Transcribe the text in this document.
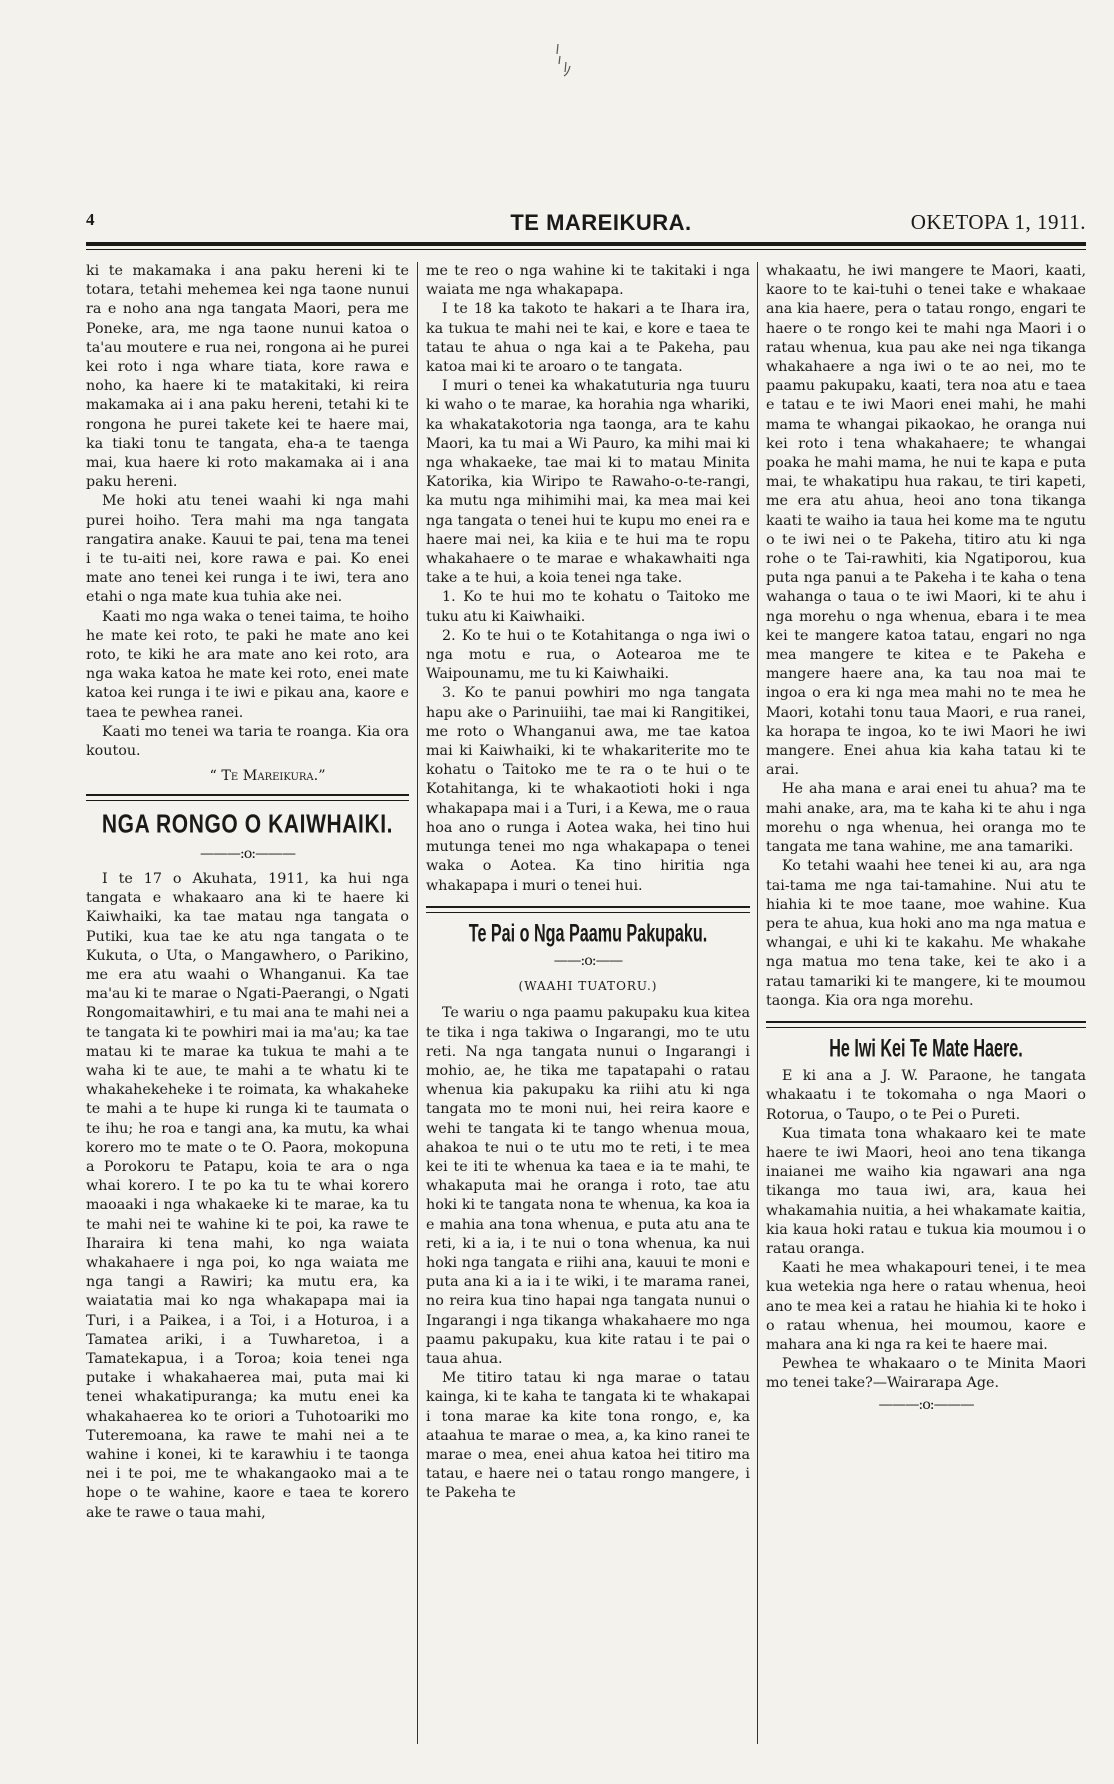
4	TE MAREIKURA.	OKETOPA 1, 1911.

ki te makamaka i ana paku hereni ki te totara, tetahi mehemea kei nga taone nunui ra e noho ana nga tangata Maori, pera me Poneke, ara, me nga taone nunui katoa o ta'au moutere e rua nei, rongona ai he purei kei roto i nga whare tiata, kore rawa e noho, ka haere ki te matakitaki, ki reira makamaka ai i ana paku hereni, tetahi ki te rongona he purei takete kei te haere mai, ka tiaki tonu te tangata, eha-a te taenga mai, kua haere ki roto makamaka ai i ana paku hereni.

Me hoki atu tenei waahi ki nga mahi purei hoiho. Tera mahi ma nga tangata rangatira anake. Kauui te pai, tena ma tenei i te tu-aiti nei, kore rawa e pai. Ko enei mate ano tenei kei runga i te iwi, tera ano etahi o nga mate kua tuhia ake nei.

Kaati mo nga waka o tenei taima, te hoiho he mate kei roto, te paki he mate ano kei roto, te kiki he ara mate ano kei roto, ara nga waka katoa he mate kei roto, enei mate katoa kei runga i te iwi e pikau ana, kaore e taea te pewhea ranei.

Kaati mo tenei wa taria te roanga. Kia ora koutou.

“ Te Mareikura.”
NGA RONGO O KAIWHAIKI.
———:o:———

I te 17 o Akuhata, 1911, ka hui nga tangata e whakaaro ana ki te haere ki Kaiwhaiki, ka tae matau nga tangata o Putiki, kua tae ke atu nga tangata o te Kukuta, o Uta, o Mangawhero, o Parikino, me era atu waahi o Whanganui. Ka tae ma'au ki te marae o Ngati-Paerangi, o Ngati Rongomaitawhiri, e tu mai ana te mahi nei a te tangata ki te powhiri mai ia ma'au; ka tae matau ki te marae ka tukua te mahi a te waha ki te aue, te mahi a te whatu ki te whakahekeheke i te roimata, ka whakaheke te mahi a te hupe ki runga ki te taumata o te ihu; he roa e tangi ana, ka mutu, ka whai korero mo te mate o te O. Paora, mokopuna a Porokoru te Patapu, koia te ara o nga whai korero. I te po ka tu te whai korero maoaaki i nga whakaeke ki te marae, ka tu te mahi nei te wahine ki te poi, ka rawe te Iharaira ki tena mahi, ko nga waiata whakahaere i nga poi, ko nga waiata me nga tangi a Rawiri; ka mutu era, ka waiatatia mai ko nga whakapapa mai ia Turi, i a Paikea, i a Toi, i a Hoturoa, i a Tamatea ariki, i a Tuwharetoa, i a Tamatekapua, i a Toroa; koia tenei nga putake i whakahaerea mai, puta mai ki tenei whakatipuranga; ka mutu enei ka whakahaerea ko te oriori a Tuhotoariki mo Tuteremoana, ka rawe te mahi nei a te wahine i konei, ki te karawhiu i te taonga nei i te poi, me te whakangaoko mai a te hope o te wahine, kaore e taea te korero ake te rawe o taua mahi,

me te reo o nga wahine ki te takitaki i nga waiata me nga whakapapa.

I te 18 ka takoto te hakari a te Ihara ira, ka tukua te mahi nei te kai, e kore e taea te tatau te ahua o nga kai a te Pakeha, pau katoa mai ki te aroaro o te tangata.

I muri o tenei ka whakatuturia nga tuuru ki waho o te marae, ka horahia nga whariki, ka whakatakotoria nga taonga, ara te kahu Maori, ka tu mai a Wi Pauro, ka mihi mai ki nga whakaeke, tae mai ki to matau Minita Katorika, kia Wiripo te Rawaho-o-te-rangi, ka mutu nga mihimihi mai, ka mea mai kei nga tangata o tenei hui te kupu mo enei ra e haere mai nei, ka kiia e te hui ma te ropu whakahaere o te marae e whakawhaiti nga take a te hui, a koia tenei nga take.

1. Ko te hui mo te kohatu o Taitoko me tuku atu ki Kaiwhaiki.

2. Ko te hui o te Kotahitanga o nga iwi o nga motu e rua, o Aotearoa me te Waipounamu, me tu ki Kaiwhaiki.

3. Ko te panui powhiri mo nga tangata hapu ake o Parinuiihi, tae mai ki Rangitikei, me roto o Whanganui awa, me tae katoa mai ki Kaiwhaiki, ki te whakariterite mo te kohatu o Taitoko me te ra o te hui o te Kotahitanga, ki te whakaotioti hoki i nga whakapapa mai i a Turi, i a Kewa, me o raua hoa ano o runga i Aotea waka, hei tino hui mutunga tenei mo nga whakapapa o tenei waka o Aotea. Ka tino hiritia nga whakapapa i muri o tenei hui.

Te Pai o Nga Paamu Pakupaku.
——:o:——
(WAAHI TUATORU.)

Te wariu o nga paamu pakupaku kua kitea te tika i nga takiwa o Ingarangi, mo te utu reti. Na nga tangata nunui o Ingarangi i mohio, ae, he tika me tapatapahi o ratau whenua kia pakupaku ka riihi atu ki nga tangata mo te moni nui, hei reira kaore e wehi te tangata ki te tango whenua moua, ahakoa te nui o te utu mo te reti, i te mea kei te iti te whenua ka taea e ia te mahi, te whakaputa mai he oranga i roto, tae atu hoki ki te tangata nona te whenua, ka koa ia e mahia ana tona whenua, e puta atu ana te reti, ki a ia, i te nui o tona whenua, ka nui hoki nga tangata e riihi ana, kauui te moni e puta ana ki a ia i te wiki, i te marama ranei, no reira kua tino hapai nga tangata nunui o Ingarangi i nga tikanga whakahaere mo nga paamu pakupaku, kua kite ratau i te pai o taua ahua.

Me titiro tatau ki nga marae o tatau kainga, ki te kaha te tangata ki te whakapai i tona marae ka kite tona rongo, e, ka ataahua te marae o mea, a, ka kino ranei te marae o mea, enei ahua katoa hei titiro ma tatau, e haere nei o tatau rongo mangere, i te Pakeha te

whakaatu, he iwi mangere te Maori, kaati, kaore to te kai-tuhi o tenei take e whakaae ana kia haere, pera o tatau rongo, engari te haere o te rongo kei te mahi nga Maori i o ratau whenua, kua pau ake nei nga tikanga whakahaere a nga iwi o te ao nei, mo te paamu pakupaku, kaati, tera noa atu e taea e tatau e te iwi Maori enei mahi, he mahi mama te whangai pikaokao, he oranga nui kei roto i tena whakahaere; te whangai poaka he mahi mama, he nui te kapa e puta mai, te whakatipu hua rakau, te tiri kapeti, me era atu ahua, heoi ano tona tikanga kaati te waiho ia taua hei kome ma te ngutu o te iwi nei o te Pakeha, titiro atu ki nga rohe o te Tai-rawhiti, kia Ngatiporou, kua puta nga panui a te Pakeha i te kaha o tena wahanga o taua o te iwi Maori, ki te ahu i nga morehu o nga whenua, ebara i te mea kei te mangere katoa tatau, engari no nga mea mangere te kitea e te Pakeha e mangere haere ana, ka tau noa mai te ingoa o era ki nga mea mahi no te mea he Maori, kotahi tonu taua Maori, e rua ranei, ka horapa te ingoa, ko te iwi Maori he iwi mangere. Enei ahua kia kaha tatau ki te arai.

He aha mana e arai enei tu ahua? ma te mahi anake, ara, ma te kaha ki te ahu i nga morehu o nga whenua, hei oranga mo te tangata me tana wahine, me ana tamariki.

Ko tetahi waahi hee tenei ki au, ara nga tai-tama me nga tai-tamahine. Nui atu te hiahia ki te moe taane, moe wahine. Kua pera te ahua, kua hoki ano ma nga matua e whangai, e uhi ki te kakahu. Me whakahe nga matua mo tena take, kei te ako i a ratau tamariki ki te mangere, ki te moumou taonga. Kia ora nga morehu.

He Iwi Kei Te Mate Haere.

E ki ana a J. W. Paraone, he tangata whakaatu i te tokomaha o nga Maori o Rotorua, o Taupo, o te Pei o Pureti.

Kua timata tona whakaaro kei te mate haere te iwi Maori, heoi ano tena tikanga inaianei me waiho kia ngawari ana nga tikanga mo taua iwi, ara, kaua hei whakamahia nuitia, a hei whakamate kaitia, kia kaua hoki ratau e tukua kia moumou i o ratau oranga.

Kaati he mea whakapouri tenei, i te mea kua wetekia nga here o ratau whenua, heoi ano te mea kei a ratau he hiahia ki te hoko i o ratau whenua, hei moumou, kaore e mahara ana ki nga ra kei te haere mai.

Pewhea te whakaaro o te Minita Maori mo tenei take?—Wairarapa Age.

———:o:———
